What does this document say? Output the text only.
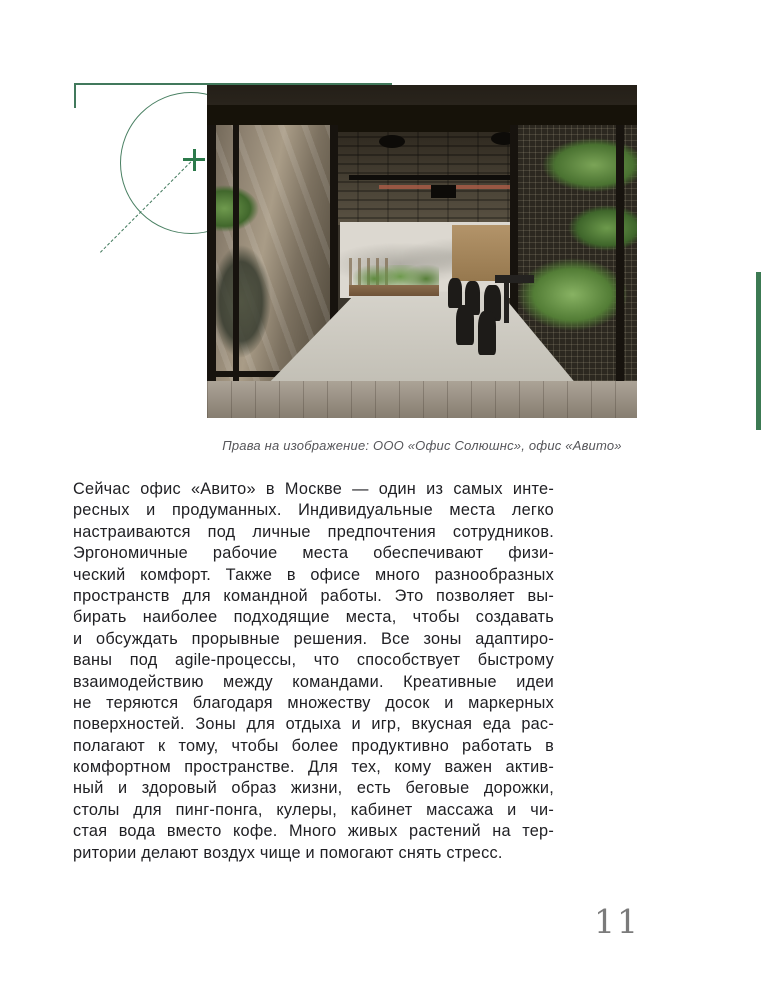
Права на изображение: ООО «Офис Солюшнс», офис «Авито»
Сейчас офис «Авито» в Москве — один из самых инте-
ресных и продуманных. Индивидуальные места легко
настраиваются под личные предпочтения сотрудников.
Эргономичные рабочие места обеспечивают физи-
ческий комфорт. Также в офисе много разнообразных
пространств для командной работы. Это позволяет вы-
бирать наиболее подходящие места, чтобы создавать
и обсуждать прорывные решения. Все зоны адаптиро-
ваны под agile-процессы, что способствует быстрому
взаимодействию между командами. Креативные идеи
не теряются благодаря множеству досок и маркерных
поверхностей. Зоны для отдыха и игр, вкусная еда рас-
полагают к тому, чтобы более продуктивно работать в
комфортном пространстве. Для тех, кому важен актив-
ный и здоровый образ жизни, есть беговые дорожки,
столы для пинг-понга, кулеры, кабинет массажа и чи-
стая вода вместо кофе. Много живых растений на тер-
ритории делают воздух чище и помогают снять стресс.
11
